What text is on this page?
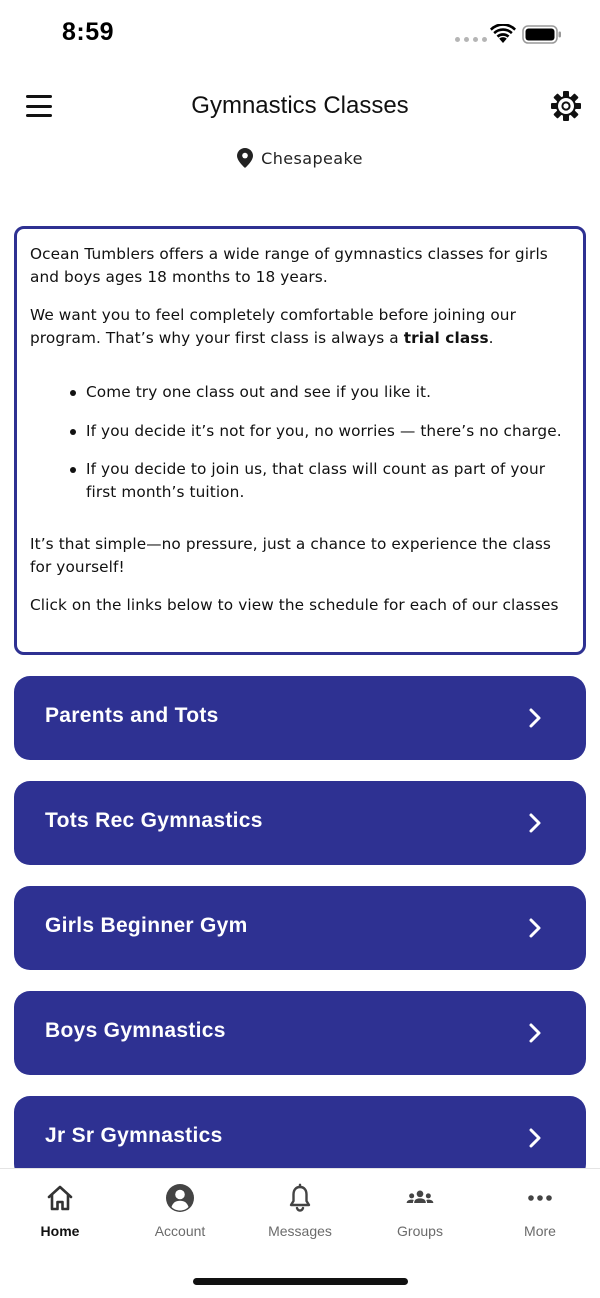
8:59
Gymnastics Classes
Chesapeake

Ocean Tumblers offers a wide range of gymnastics classes for girls and boys ages 18 months to 18 years.

We want you to feel completely comfortable before joining our program. That’s why your first class is always a trial class.

Come try one class out and see if you like it.
If you decide it’s not for you, no worries — there’s no charge.
If you decide to join us, that class will count as part of your first month’s tuition.

It’s that simple—no pressure, just a chance to experience the class for yourself!

Click on the links below to view the schedule for each of our classes

Parents and Tots
Tots Rec Gymnastics
Girls Beginner Gym
Boys Gymnastics
Jr Sr Gymnastics
Home	Account	Messages	Groups	More
